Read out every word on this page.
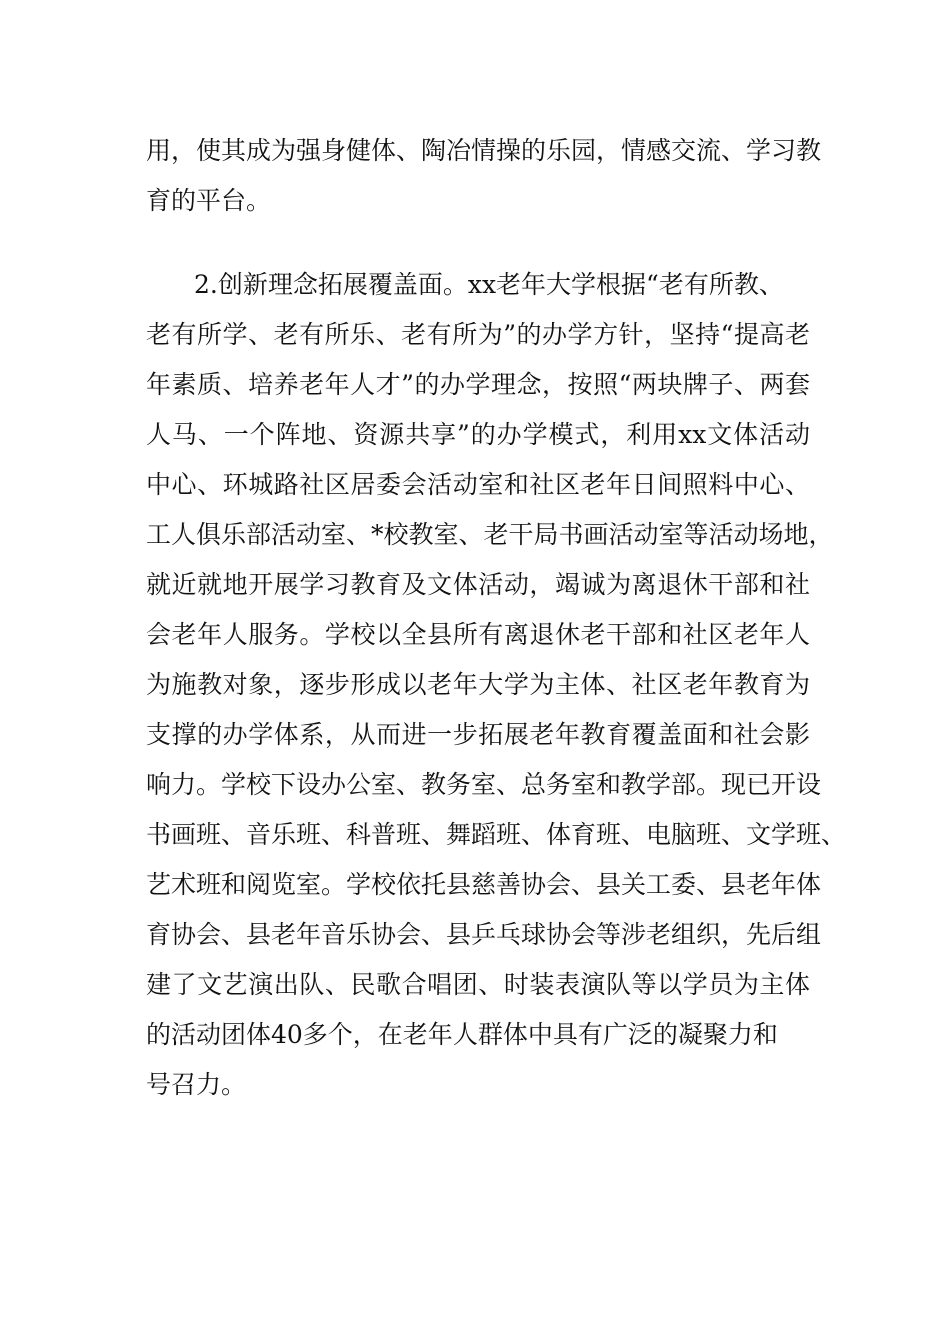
用，使其成为强身健体、陶冶情操的乐园，情感交流、学习教
育的平台。
2.创新理念拓展覆盖面。xx老年大学根据“老有所教、
老有所学、老有所乐、老有所为”的办学方针，坚持“提高老
年素质、培养老年人才”的办学理念，按照“两块牌子、两套
人马、一个阵地、资源共享”的办学模式，利用xx文体活动
中心、环城路社区居委会活动室和社区老年日间照料中心、
工人俱乐部活动室、*校教室、老干局书画活动室等活动场地，
就近就地开展学习教育及文体活动，竭诚为离退休干部和社
会老年人服务。学校以全县所有离退休老干部和社区老年人
为施教对象，逐步形成以老年大学为主体、社区老年教育为
支撑的办学体系，从而进一步拓展老年教育覆盖面和社会影
响力。学校下设办公室、教务室、总务室和教学部。现已开设
书画班、音乐班、科普班、舞蹈班、体育班、电脑班、文学班、
艺术班和阅览室。学校依托县慈善协会、县关工委、县老年体
育协会、县老年音乐协会、县乒乓球协会等涉老组织，先后组
建了文艺演出队、民歌合唱团、时装表演队等以学员为主体
的活动团体40多个，在老年人群体中具有广泛的凝聚力和
号召力。
